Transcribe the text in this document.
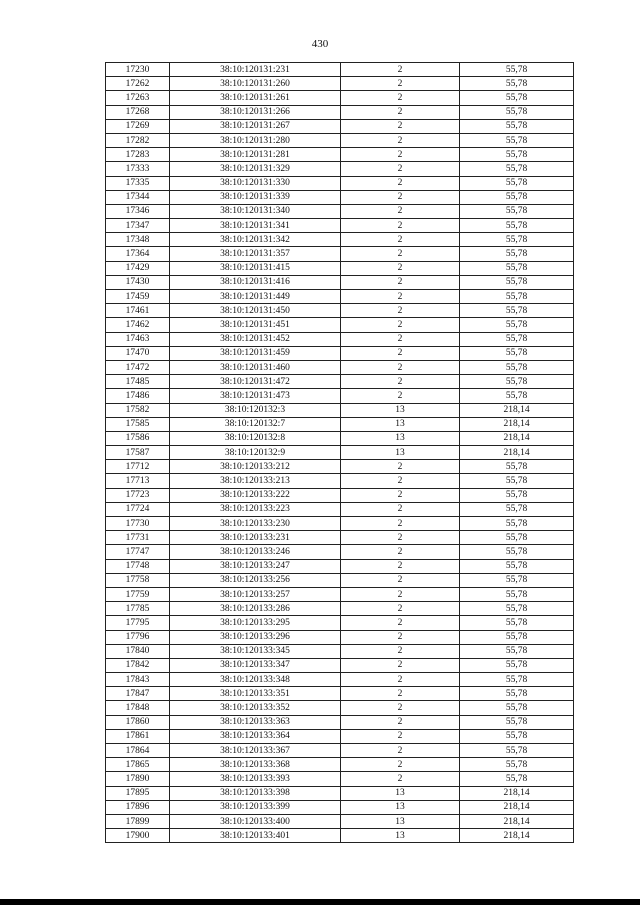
430
17230	38:10:120131:231	2	55,78
17262	38:10:120131:260	2	55,78
17263	38:10:120131:261	2	55,78
17268	38:10:120131:266	2	55,78
17269	38:10:120131:267	2	55,78
17282	38:10:120131:280	2	55,78
17283	38:10:120131:281	2	55,78
17333	38:10:120131:329	2	55,78
17335	38:10:120131:330	2	55,78
17344	38:10:120131:339	2	55,78
17346	38:10:120131:340	2	55,78
17347	38:10:120131:341	2	55,78
17348	38:10:120131:342	2	55,78
17364	38:10:120131:357	2	55,78
17429	38:10:120131:415	2	55,78
17430	38:10:120131:416	2	55,78
17459	38:10:120131:449	2	55,78
17461	38:10:120131:450	2	55,78
17462	38:10:120131:451	2	55,78
17463	38:10:120131:452	2	55,78
17470	38:10:120131:459	2	55,78
17472	38:10:120131:460	2	55,78
17485	38:10:120131:472	2	55,78
17486	38:10:120131:473	2	55,78
17582	38:10:120132:3	13	218,14
17585	38:10:120132:7	13	218,14
17586	38:10:120132:8	13	218,14
17587	38:10:120132:9	13	218,14
17712	38:10:120133:212	2	55,78
17713	38:10:120133:213	2	55,78
17723	38:10:120133:222	2	55,78
17724	38:10:120133:223	2	55,78
17730	38:10:120133:230	2	55,78
17731	38:10:120133:231	2	55,78
17747	38:10:120133:246	2	55,78
17748	38:10:120133:247	2	55,78
17758	38:10:120133:256	2	55,78
17759	38:10:120133:257	2	55,78
17785	38:10:120133:286	2	55,78
17795	38:10:120133:295	2	55,78
17796	38:10:120133:296	2	55,78
17840	38:10:120133:345	2	55,78
17842	38:10:120133:347	2	55,78
17843	38:10:120133:348	2	55,78
17847	38:10:120133:351	2	55,78
17848	38:10:120133:352	2	55,78
17860	38:10:120133:363	2	55,78
17861	38:10:120133:364	2	55,78
17864	38:10:120133:367	2	55,78
17865	38:10:120133:368	2	55,78
17890	38:10:120133:393	2	55,78
17895	38:10:120133:398	13	218,14
17896	38:10:120133:399	13	218,14
17899	38:10:120133:400	13	218,14
17900	38:10:120133:401	13	218,14
